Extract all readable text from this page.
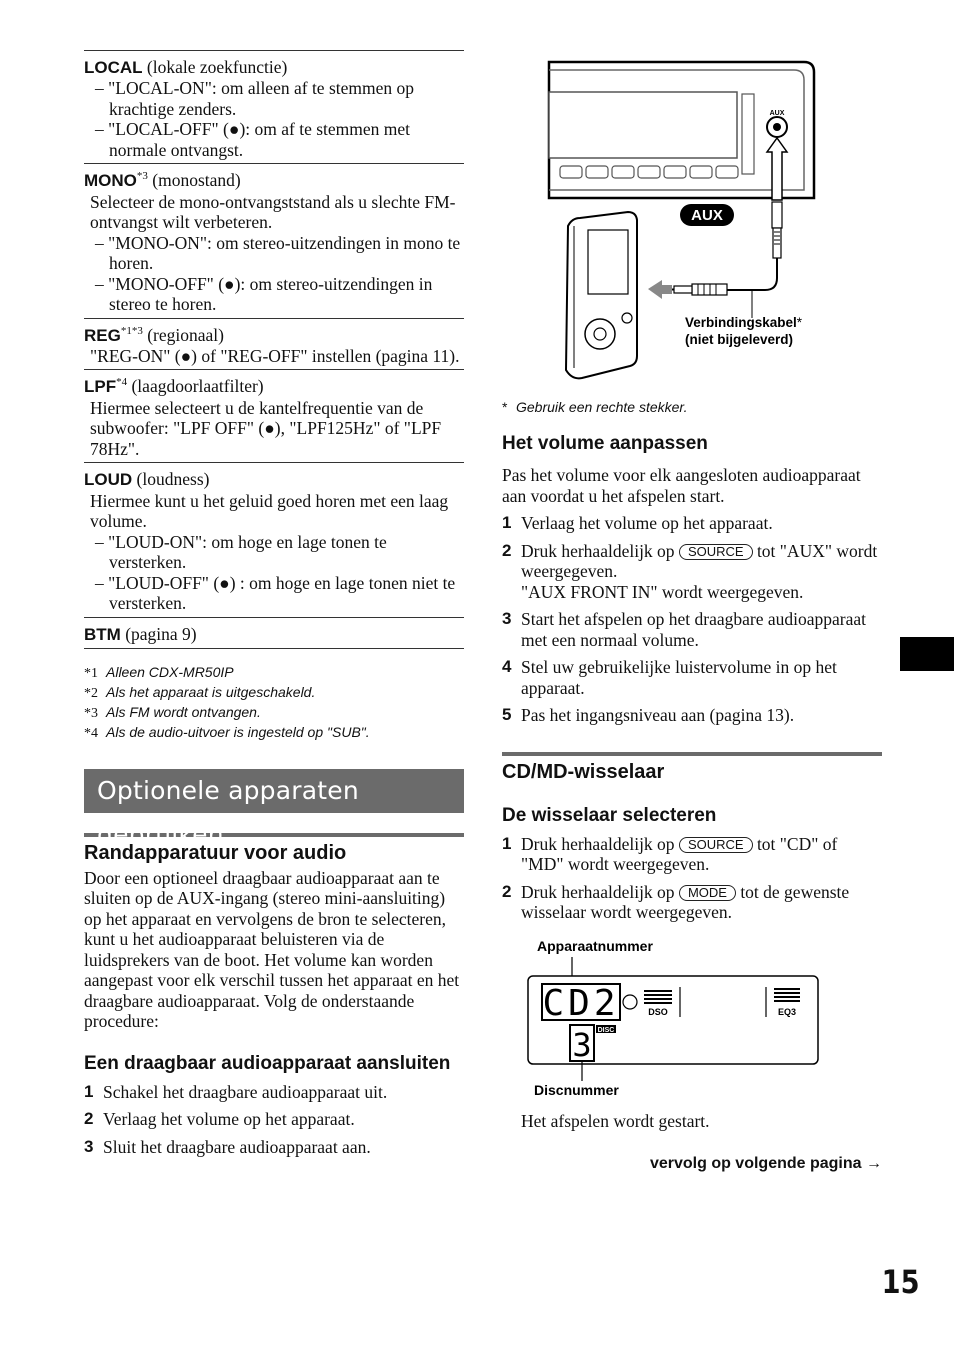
LOCAL (lokale zoekfunctie)
– "LOCAL-ON": om alleen af te stemmen op krachtige zenders.
– "LOCAL-OFF" (●): om af te stemmen met normale ontvangst.
MONO$^{*3}$ (monostand)
Selecteer de mono-ontvangststand als u slechte FM-ontvangst wilt verbeteren.
– "MONO-ON": om stereo-uitzendingen in mono te horen.
– "MONO-OFF" (●): om stereo-uitzendingen in stereo te horen.
$REG^{*1*3}$ (regionaal)
"REG-ON" (●) of "REG-OFF" instellen (pagina 11).
LPF$^{*4}$ (laagdoorlaatfilter)
Hiermee selecteert u de kantelfrequentie van de subwoofer: "LPF OFF" (●), "LPF125Hz" of "LPF 78Hz".
LOUD (loudness)
Hiermee kunt u het geluid goed horen met een laag volume.
– "LOUD-ON": om hoge en lage tonen te versterken.
– "LOUD-OFF" (●) : om hoge en lage tonen niet te versterken.
BTM (pagina 9)
*1 Alleen CDX-MR50IP
*2 Als het apparaat is uitgeschakeld.
*3 Als FM wordt ontvangen.
*4 Als de audio-uitvoer is ingesteld op "SUB".
Optionele apparaten gebruiken
Randapparatuur voor audio
Door een optioneel draagbaar audioapparaat aan te sluiten op de AUX-ingang (stereo mini-aansluiting) op het apparaat en vervolgens de bron te selecteren, kunt u het audioapparaat beluisteren via de luidsprekers van de boot. Het volume kan worden aangepast voor elk verschil tussen het apparaat en het draagbare audioapparaat. Volg de onderstaande procedure:
Een draagbaar audioapparaat aansluiten
1 Schakel het draagbare audioapparaat uit.
2 Verlaag het volume op het apparaat.
3 Sluit het draagbare audioapparaat aan.
AUX
AUX
Verbindingskabel*
(niet bijgeleverd)
* Gebruik een rechte stekker.
Het volume aanpassen
Pas het volume voor elk aangesloten audioapparaat aan voordat u het afspelen start.
1 Verlaag het volume op het apparaat.
2 Druk herhaaldelijk op SOURCE tot "AUX" wordt weergegeven.
"AUX FRONT IN" wordt weergegeven.
3 Start het afspelen op het draagbare audioapparaat met een normaal volume.
4 Stel uw gebruikelijke luistervolume in op het apparaat.
5 Pas het ingangsniveau aan (pagina 13).
CD/MD-wisselaar
De wisselaar selecteren
1 Druk herhaaldelijk op SOURCE tot "CD" of "MD" wordt weergegeven.
2 Druk herhaaldelijk op MODE tot de gewenste wisselaar wordt weergegeven.
Apparaatnummer
CD2	DSO	EQ3
3 DISC
Discnummer
Het afspelen wordt gestart.
vervolg op volgende pagina →
15
